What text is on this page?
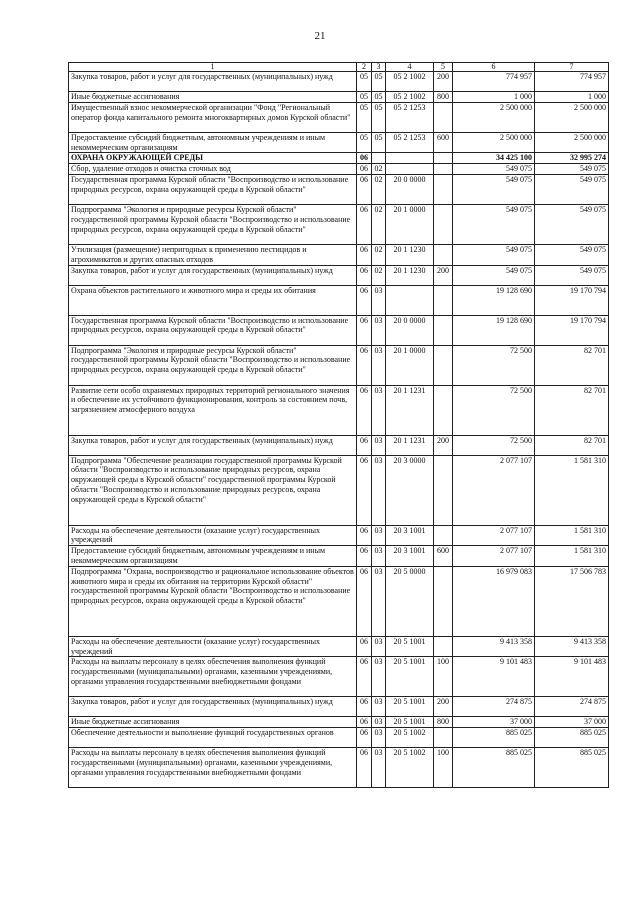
21
1	2	3	4	5	6	7
Закупка товаров, работ и услуг для государственных (муниципальных) нужд	05	05	05 2 1002	200	774 957	774 957
Иные бюджетные ассигнования	05	05	05 2 1002	800	1 000	1 000
Имущественный взнос некоммерческой организации "Фонд "Региональный оператор фонда капитального ремонта многоквартирных домов Курской области"	05	05	05 2 1253		2 500 000	2 500 000
Предоставление субсидий бюджетным, автономным учреждениям и иным некоммерческим организациям	05	05	05 2 1253	600	2 500 000	2 500 000
ОХРАНА ОКРУЖАЮЩЕЙ СРЕДЫ	06				34 425 100	32 995 274
Сбор, удаление отходов и очистка сточных вод	06	02			549 075	549 075
Государственная программа Курской области "Воспроизводство и использование природных ресурсов, охрана окружающей среды в Курской области"	06	02	20 0 0000		549 075	549 075
Подпрограмма "Экология и природные ресурсы Курской области" государственной программы Курской области "Воспроизводство и использование природных ресурсов, охрана окружающей среды в Курской области"	06	02	20 1 0000		549 075	549 075
Утилизация (размещение) непригодных к применению пестицидов и агрохимикатов и других опасных отходов	06	02	20 1 1230		549 075	549 075
Закупка товаров, работ и услуг для государственных (муниципальных) нужд	06	02	20 1 1230	200	549 075	549 075
Охрана объектов растительного и животного мира и среды их обитания	06	03			19 128 690	19 170 794
Государственная программа Курской области "Воспроизводство и использование природных ресурсов, охрана окружающей среды в Курской области"	06	03	20 0 0000		19 128 690	19 170 794
Подпрограмма "Экология и природные ресурсы Курской области" государственной программы Курской области "Воспроизводство и использование природных ресурсов, охрана окружающей среды в Курской области"	06	03	20 1 0000		72 500	82 701
Развитие сети особо охраняемых природных территорий регионального значения и обеспечение их устойчивого функционирования, контроль за состоянием почв, загрязнением атмосферного воздуха	06	03	20 1 1231		72 500	82 701
Закупка товаров, работ и услуг для государственных (муниципальных) нужд	06	03	20 1 1231	200	72 500	82 701
Подпрограмма "Обеспечение реализации государственной программы Курской области "Воспроизводство и использование природных ресурсов, охрана окружающей среды в Курской области" государственной программы Курской области "Воспроизводство и использование природных ресурсов, охрана окружающей среды в Курской области"	06	03	20 3 0000		2 077 107	1 581 310
Расходы на обеспечение деятельности (оказание услуг) государственных учреждений	06	03	20 3 1001		2 077 107	1 581 310
Предоставление субсидий бюджетным, автономным учреждениям и иным некоммерческим организациям	06	03	20 3 1001	600	2 077 107	1 581 310
Подпрограмма "Охрана, воспроизводство и рациональное использование объектов животного мира и среды их обитания на территории Курской области" государственной программы Курской области "Воспроизводство и использование природных ресурсов, охрана окружающей среды в Курской области"	06	03	20 5 0000		16 979 083	17 506 783
Расходы на обеспечение деятельности (оказание услуг) государственных учреждений	06	03	20 5 1001		9 413 358	9 413 358
Расходы на выплаты персоналу в целях обеспечения выполнения функций государственными (муниципальными) органами, казенными учреждениями, органами управления государственными внебюджетными фондами	06	03	20 5 1001	100	9 101 483	9 101 483
Закупка товаров, работ и услуг для государственных (муниципальных) нужд	06	03	20 5 1001	200	274 875	274 875
Иные бюджетные ассигнования	06	03	20 5 1001	800	37 000	37 000
Обеспечение деятельности и выполнение функций государственных органов	06	03	20 5 1002		885 025	885 025
Расходы на выплаты персоналу в целях обеспечения выполнения функций государственными (муниципальными) органами, казенными учреждениями, органами управления государственными внебюджетными фондами	06	03	20 5 1002	100	885 025	885 025
